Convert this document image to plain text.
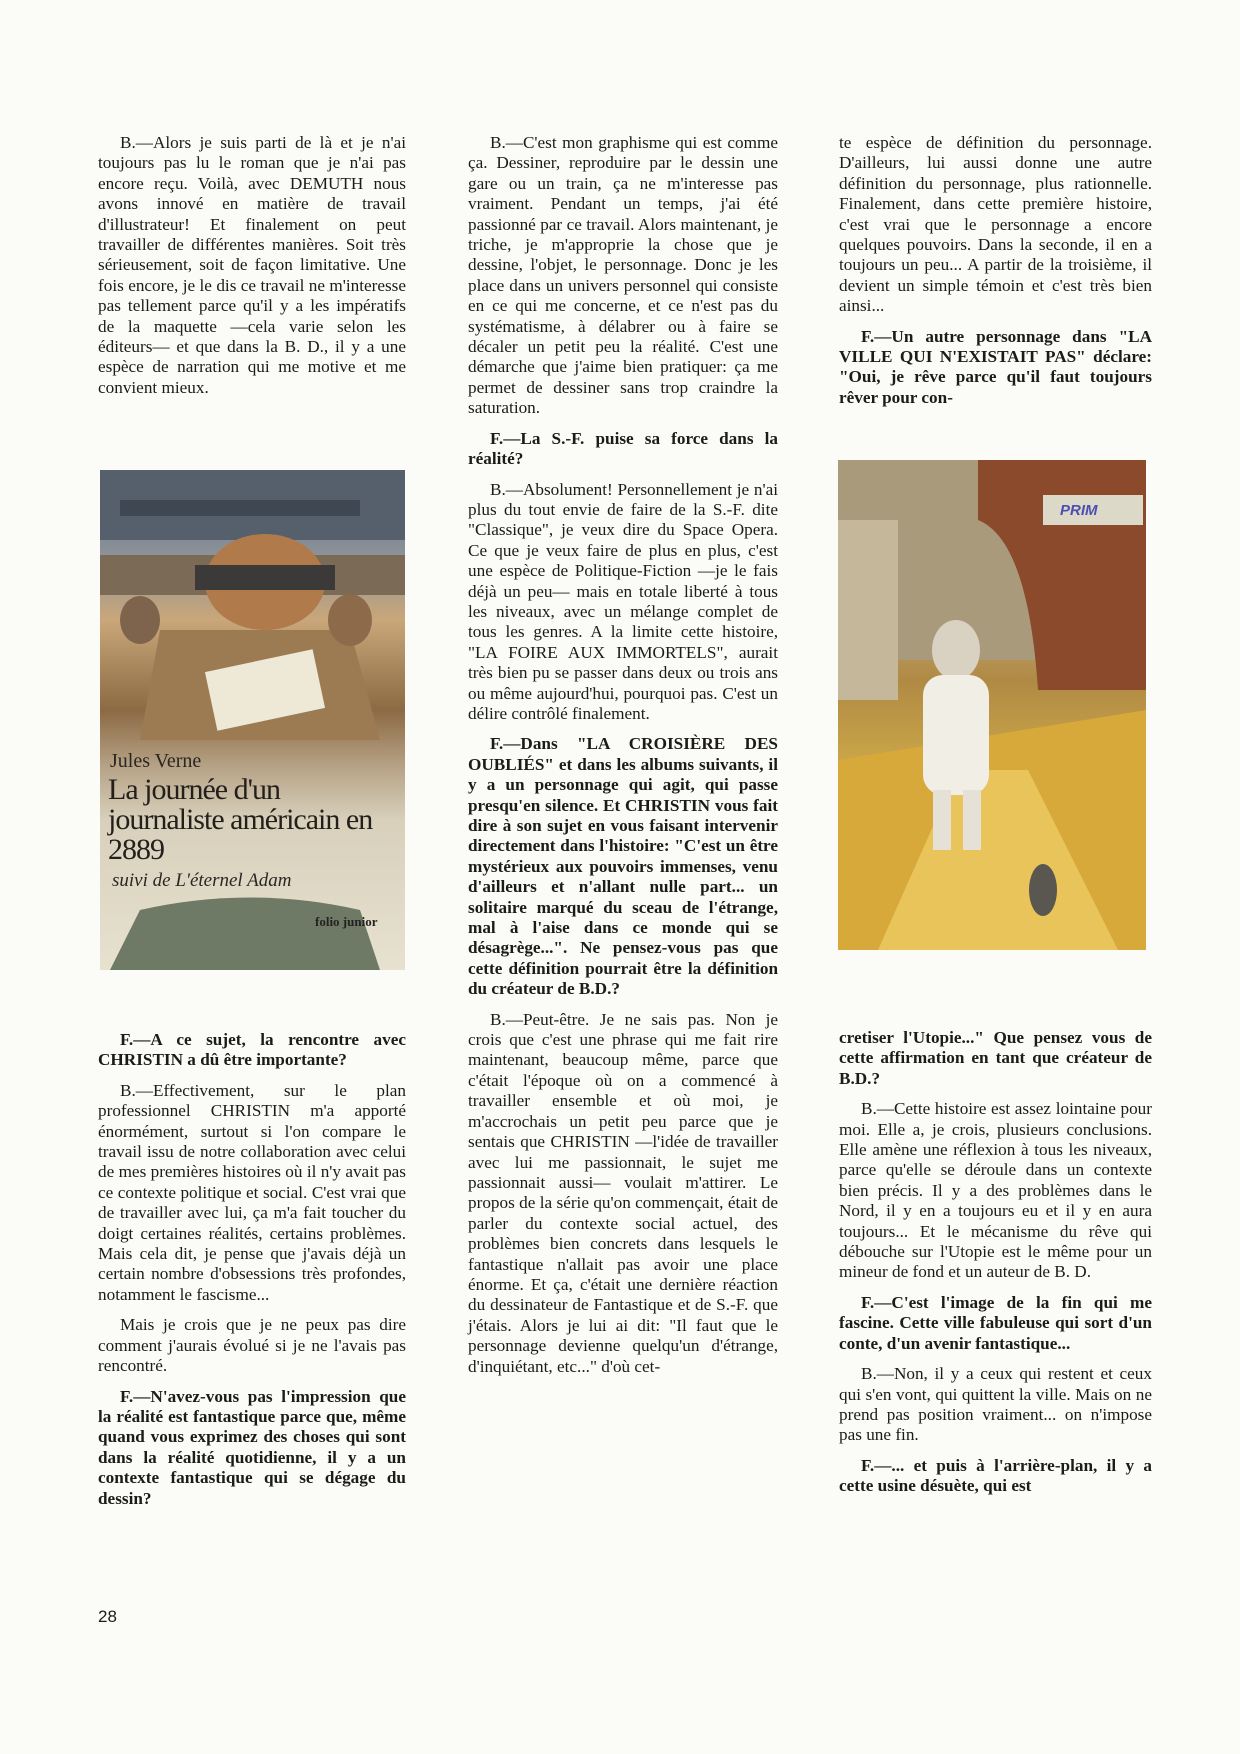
B.—Alors je suis parti de là et je n'ai toujours pas lu le roman que je n'ai pas encore reçu. Voilà, avec DEMUTH nous avons innové en matière de travail d'illustrateur! Et finalement on peut travailler de différentes manières. Soit très sérieusement, soit de façon limitative. Une fois encore, je le dis ce travail ne m'interesse pas tellement parce qu'il y a les impératifs de la maquette —cela varie selon les éditeurs— et que dans la B. D., il y a une espèce de narration qui me motive et me convient mieux.

Jules Verne
La journée d'un journaliste américain en 2889
suivi de L'éternel Adam
folio junior

F.—A ce sujet, la rencontre avec CHRISTIN a dû être importante?

B.—Effectivement, sur le plan professionnel CHRISTIN m'a apporté énormément, surtout si l'on compare le travail issu de notre collaboration avec celui de mes premières histoires où il n'y avait pas ce contexte politique et social. C'est vrai que de travailler avec lui, ça m'a fait toucher du doigt certaines réalités, certains problèmes. Mais cela dit, je pense que j'avais déjà un certain nombre d'obsessions très profondes, notamment le fascisme...

Mais je crois que je ne peux pas dire comment j'aurais évolué si je ne l'avais pas rencontré.

F.—N'avez-vous pas l'impression que la réalité est fantastique parce que, même quand vous exprimez des choses qui sont dans la réalité quotidienne, il y a un contexte fantastique qui se dégage du dessin?

B.—C'est mon graphisme qui est comme ça. Dessiner, reproduire par le dessin une gare ou un train, ça ne m'interesse pas vraiment. Pendant un temps, j'ai été passionné par ce travail. Alors maintenant, je triche, je m'approprie la chose que je dessine, l'objet, le personnage. Donc je les place dans un univers personnel qui consiste en ce qui me concerne, et ce n'est pas du systématisme, à délabrer ou à faire se décaler un petit peu la réalité. C'est une démarche que j'aime bien pratiquer: ça me permet de dessiner sans trop craindre la saturation.

F.—La S.-F. puise sa force dans la réalité?

B.—Absolument! Personnellement je n'ai plus du tout envie de faire de la S.-F. dite "Classique", je veux dire du Space Opera. Ce que je veux faire de plus en plus, c'est une espèce de Politique-Fiction —je le fais déjà un peu— mais en totale liberté à tous les niveaux, avec un mélange complet de tous les genres. A la limite cette histoire, "LA FOIRE AUX IMMORTELS", aurait très bien pu se passer dans deux ou trois ans ou même aujourd'hui, pourquoi pas. C'est un délire contrôlé finalement.

F.—Dans "LA CROISIÈRE DES OUBLIÉS" et dans les albums suivants, il y a un personnage qui agit, qui passe presqu'en silence. Et CHRISTIN vous fait dire à son sujet en vous faisant intervenir directement dans l'histoire: "C'est un être mystérieux aux pouvoirs immenses, venu d'ailleurs et n'allant nulle part... un solitaire marqué du sceau de l'étrange, mal à l'aise dans ce monde qui se désagrège...". Ne pensez-vous pas que cette définition pourrait être la définition du créateur de B.D.?

B.—Peut-être. Je ne sais pas. Non je crois que c'est une phrase qui me fait rire maintenant, beaucoup même, parce que c'était l'époque où on a commencé à travailler ensemble et où moi, je m'accrochais un petit peu parce que je sentais que CHRISTIN —l'idée de travailler avec lui me passionnait, le sujet me passionnait aussi— voulait m'attirer. Le propos de la série qu'on commençait, était de parler du contexte social actuel, des problèmes bien concrets dans lesquels le fantastique n'allait pas avoir une place énorme. Et ça, c'était une dernière réaction du dessinateur de Fantastique et de S.-F. que j'étais. Alors je lui ai dit: "Il faut que le personnage devienne quelqu'un d'étrange, d'inquiétant, etc..." d'où cet-

te espèce de définition du personnage. D'ailleurs, lui aussi donne une autre définition du personnage, plus rationnelle. Finalement, dans cette première histoire, c'est vrai que le personnage a encore quelques pouvoirs. Dans la seconde, il en a toujours un peu... A partir de la troisième, il devient un simple témoin et c'est très bien ainsi...

F.—Un autre personnage dans "LA VILLE QUI N'EXISTAIT PAS" déclare: "Oui, je rêve parce qu'il faut toujours rêver pour con-

PRIM

cretiser l'Utopie..." Que pensez vous de cette affirmation en tant que créateur de B.D.?

B.—Cette histoire est assez lointaine pour moi. Elle a, je crois, plusieurs conclusions. Elle amène une réflexion à tous les niveaux, parce qu'elle se déroule dans un contexte bien précis. Il y a des problèmes dans le Nord, il y en a toujours eu et il y en aura toujours... Et le mécanisme du rêve qui débouche sur l'Utopie est le même pour un mineur de fond et un auteur de B. D.

F.—C'est l'image de la fin qui me fascine. Cette ville fabuleuse qui sort d'un conte, d'un avenir fantastique...

B.—Non, il y a ceux qui restent et ceux qui s'en vont, qui quittent la ville. Mais on ne prend pas position vraiment... on n'impose pas une fin.

F.—... et puis à l'arrière-plan, il y a cette usine désuète, qui est

28
